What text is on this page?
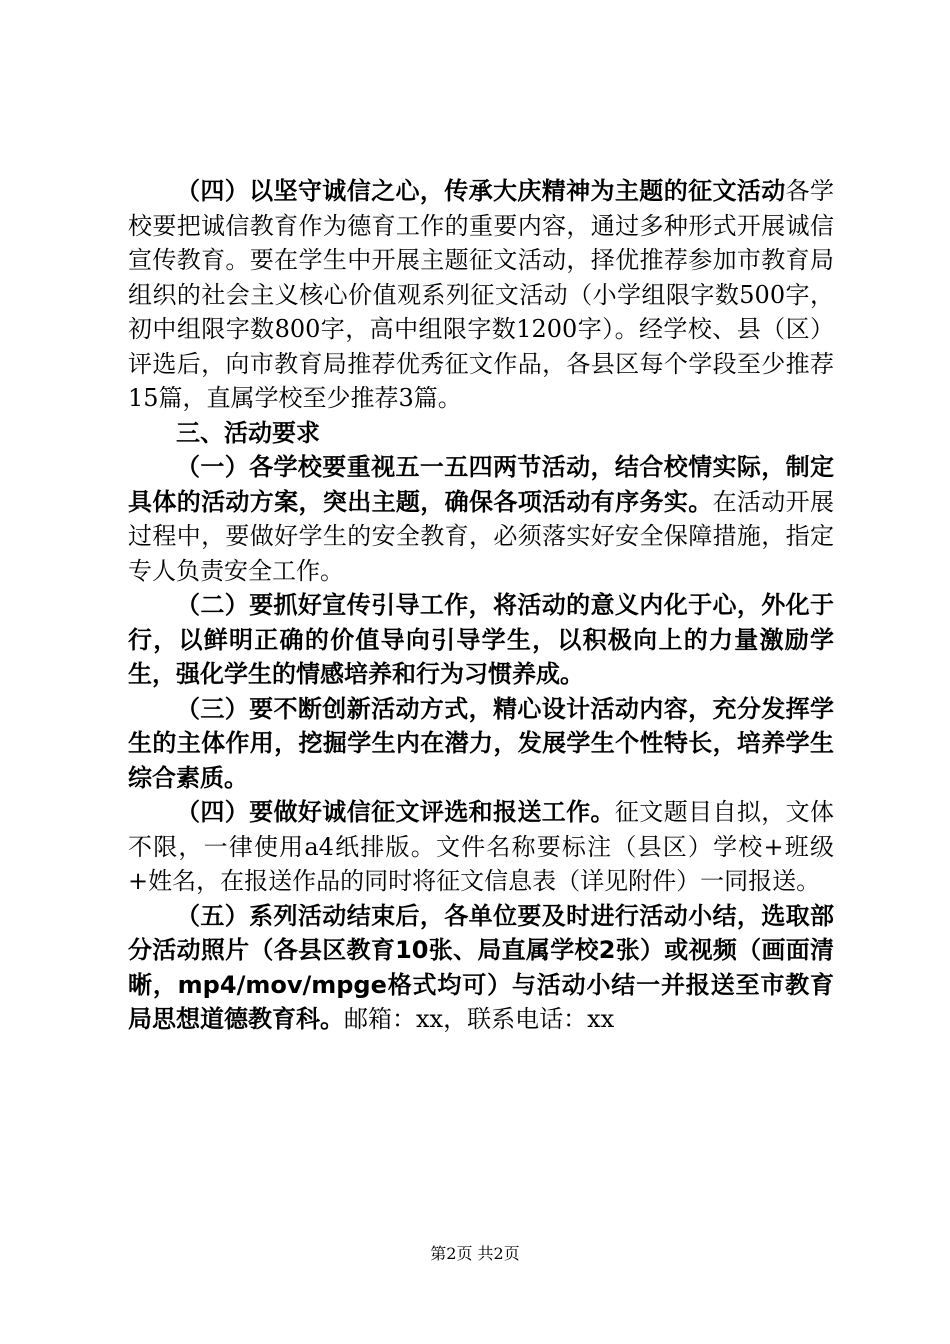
（四）以坚守诚信之心，传承大庆精神为主题的征文活动各学校要把诚信教育作为德育工作的重要内容，通过多种形式开展诚信宣传教育。要在学生中开展主题征文活动，择优推荐参加市教育局组织的社会主义核心价值观系列征文活动（小学组限字数500字，初中组限字数800字，高中组限字数1200字）。经学校、县（区）评选后，向市教育局推荐优秀征文作品，各县区每个学段至少推荐15篇，直属学校至少推荐3篇。

三、活动要求

（一）各学校要重视五一五四两节活动，结合校情实际，制定具体的活动方案，突出主题，确保各项活动有序务实。在活动开展过程中，要做好学生的安全教育，必须落实好安全保障措施，指定专人负责安全工作。

（二）要抓好宣传引导工作，将活动的意义内化于心，外化于行，以鲜明正确的价值导向引导学生，以积极向上的力量激励学生，强化学生的情感培养和行为习惯养成。

（三）要不断创新活动方式，精心设计活动内容，充分发挥学生的主体作用，挖掘学生内在潜力，发展学生个性特长，培养学生综合素质。

（四）要做好诚信征文评选和报送工作。征文题目自拟，文体不限，一律使用a4纸排版。文件名称要标注（县区）学校+班级+姓名，在报送作品的同时将征文信息表（详见附件）一同报送。

（五）系列活动结束后，各单位要及时进行活动小结，选取部分活动照片（各县区教育10张、局直属学校2张）或视频（画面清晰，mp4/mov/mpge格式均可）与活动小结一并报送至市教育局思想道德教育科。邮箱：xx，联系电话：xx

第2页 共2页
